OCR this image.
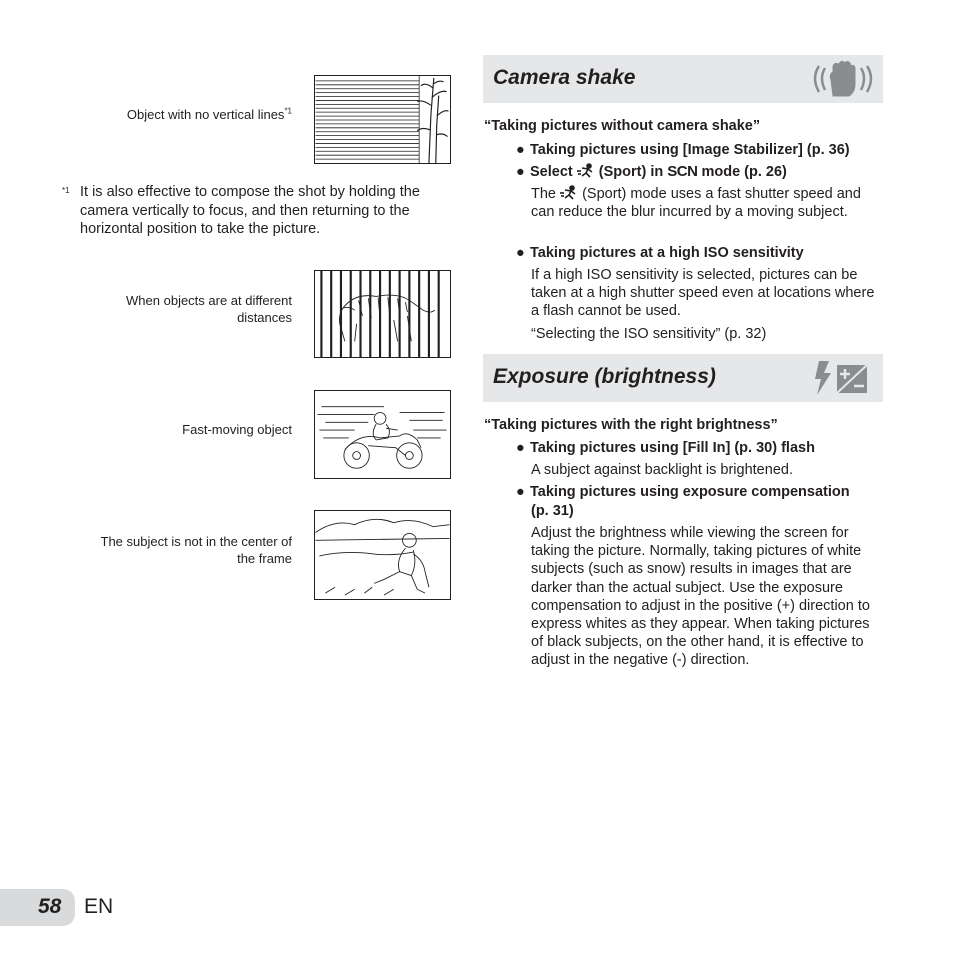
Object with no vertical lines$^{*1}$
*1 It is also effective to compose the shot by holding the camera vertically to focus, and then returning to the horizontal position to take the picture.
When objects are at different
distances
Fast-moving object
The subject is not in the center of
the frame
Camera shake
“Taking pictures without camera shake”
● Taking pictures using [Image Stabilizer] (p. 36)
● Select (Sport) in SCN mode (p. 26)
The (Sport) mode uses a fast shutter speed and can reduce the blur incurred by a moving subject.
● Taking pictures at a high ISO sensitivity
If a high ISO sensitivity is selected, pictures can be taken at a high shutter speed even at locations where a flash cannot be used.
“Selecting the ISO sensitivity” (p. 32)
Exposure (brightness)
“Taking pictures with the right brightness”
● Taking pictures using [Fill In] (p. 30) flash
A subject against backlight is brightened.
● Taking pictures using exposure compensation
(p. 31)
Adjust the brightness while viewing the screen for taking the picture. Normally, taking pictures of white subjects (such as snow) results in images that are darker than the actual subject. Use the exposure compensation to adjust in the positive (+) direction to express whites as they appear. When taking pictures of black subjects, on the other hand, it is effective to adjust in the negative (-) direction.
58 EN
